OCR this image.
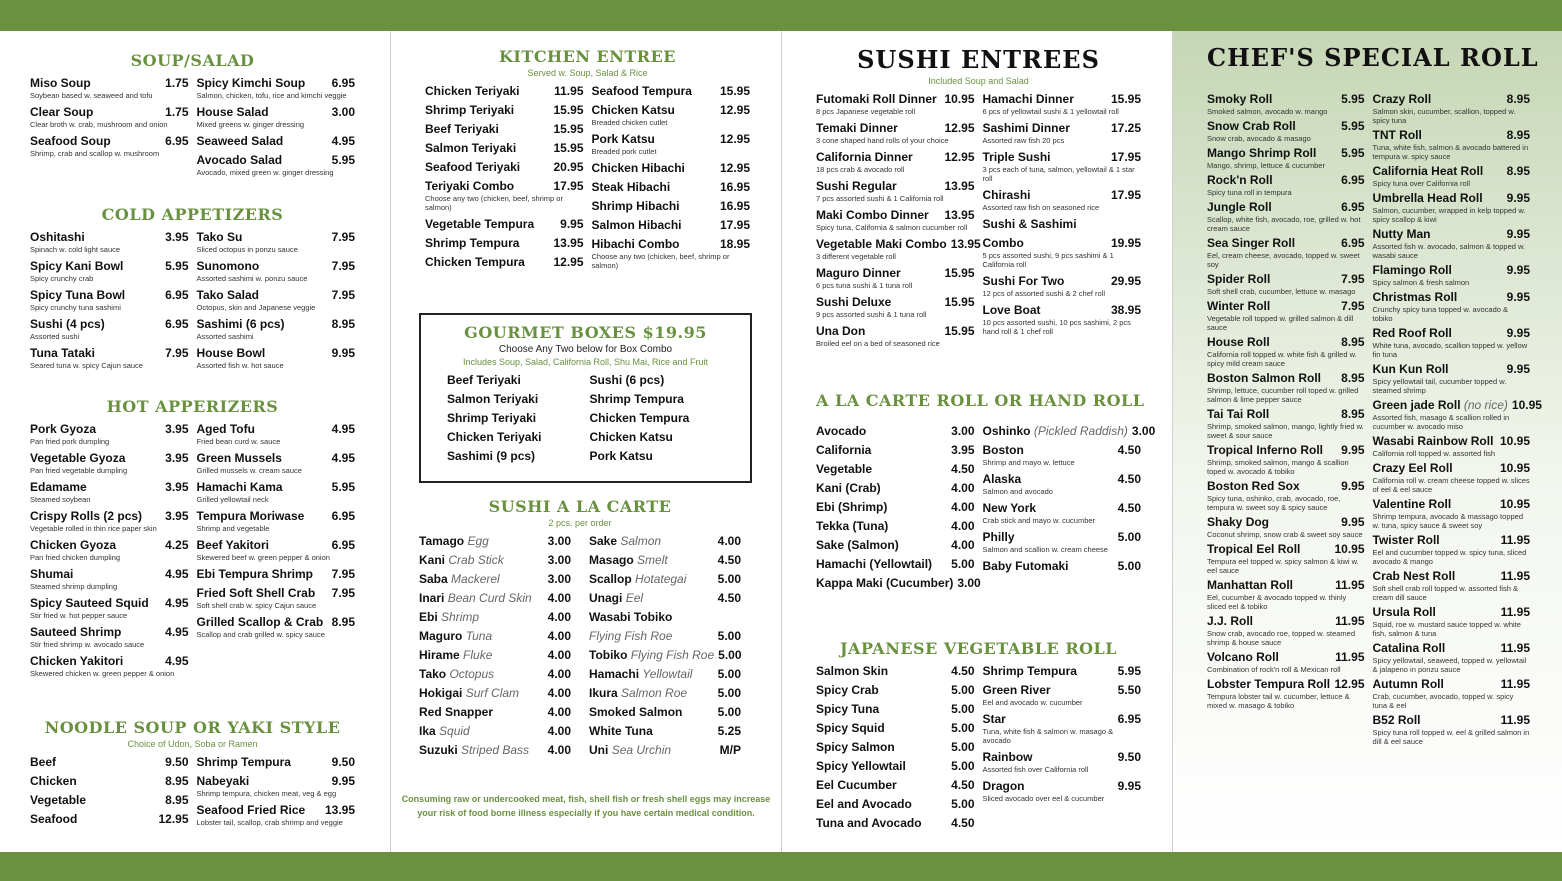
SOUP/SALAD
Miso Soup	1.75
Soybean based w. seaweed and tofu
Clear Soup	1.75
Clear broth w. crab, mushroom and onion
Seafood Soup	6.95
Shrimp, crab and scallop w. mushroom
Spicy Kimchi Soup	6.95
Salmon, chicken, tofu, rice and kimchi veggie
House Salad	3.00
Mixed greens w. ginger dressing
Seaweed Salad	4.95
Avocado Salad	5.95
Avocado, mixed green w. ginger dressing
COLD APPETIZERS
Oshitashi	3.95
Spinach w. cold light sauce
Spicy Kani Bowl	5.95
Spicy crunchy crab
Spicy Tuna Bowl	6.95
Spicy crunchy tuna sashimi
Sushi (4 pcs)	6.95
Assorted sushi
Tuna Tataki	7.95
Seared tuna w. spicy Cajun sauce
Tako Su	7.95
Sliced octopus in ponzu sauce
Sunomono	7.95
Assorted sashimi w. ponzu sauce
Tako Salad	7.95
Octopus, skin and Japanese veggie
Sashimi (6 pcs)	8.95
Assorted sashimi
House Bowl	9.95
Assorted fish w. hot sauce
HOT APPERIZERS
Pork Gyoza	3.95
Pan fried pork dumpling
Vegetable Gyoza	3.95
Pan fried vegetable dumpling
Edamame	3.95
Steamed soybean
Crispy Rolls (2 pcs)	3.95
Vegetable rolled in thin rice paper skin
Chicken Gyoza	4.25
Pan fried chicken dumpling
Shumai	4.95
Steamed shrimp dumpling
Spicy Sauteed Squid	4.95
Stir fried w. hot pepper sauce
Sauteed Shrimp	4.95
Stir fried shrimp w. avocado sauce
Chicken Yakitori	4.95
Skewered chicken w. green pepper & onion
Aged Tofu	4.95
Fried bean curd w. sauce
Green Mussels	4.95
Grilled mussels w. cream sauce
Hamachi Kama	5.95
Grilled yellowtail neck
Tempura Moriwase	6.95
Shrimp and vegetable
Beef Yakitori	6.95
Skewered beef w. green pepper & onion
Ebi Tempura Shrimp	7.95
Fried Soft Shell Crab	7.95
Soft shell crab w. spicy Cajun sauce
Grilled Scallop & Crab 8.95
Scallop and crab grilled w. spicy sauce
NOODLE SOUP OR YAKI STYLE
Choice of Udon, Soba or Ramen
Beef	9.50
Chicken	8.95
Vegetable	8.95
Seafood	12.95
Shrimp Tempura	9.50
Nabeyaki	9.95
Shrimp tempura, chicken meat, veg & egg
Seafood Fried Rice	13.95
Lobster tail, scallop, crab shrimp and veggie
KITCHEN ENTREE
Served w. Soup, Salad & Rice
Chicken Teriyaki	11.95
Shrimp Teriyaki	15.95
Beef Teriyaki	15.95
Salmon Teriyaki	15.95
Seafood Teriyaki	20.95
Teriyaki Combo	17.95
Choose any two (chicken, beef, shrimp or salmon)
Vegetable Tempura	9.95
Shrimp Tempura	13.95
Chicken Tempura	12.95
Seafood Tempura	15.95
Chicken Katsu	12.95
Breaded chicken cutlet
Pork Katsu	12.95
Breaded pork cutlet
Chicken Hibachi	12.95
Steak Hibachi	16.95
Shrimp Hibachi	16.95
Salmon Hibachi	17.95
Hibachi Combo	18.95
Choose any two (chicken, beef, shrimp or salmon)
GOURMET BOXES $19.95
Choose Any Two below for Box Combo
Includes Soup, Salad, California Roll, Shu Mai, Rice and Fruit
Beef Teriyaki
Salmon Teriyaki
Shrimp Teriyaki
Chicken Teriyaki
Sashimi (9 pcs)
Sushi (6 pcs)
Shrimp Tempura
Chicken Tempura
Chicken Katsu
Pork Katsu
SUSHI A LA CARTE
2 pcs. per order
Tamago Egg	3.00
Kani Crab Stick	3.00
Saba Mackerel	3.00
Inari Bean Curd Skin	4.00
Ebi Shrimp	4.00
Maguro Tuna	4.00
Hirame Fluke	4.00
Tako Octopus	4.00
Hokigai Surf Clam	4.00
Red Snapper	4.00
Ika Squid	4.00
Suzuki Striped Bass	4.00
Sake Salmon	4.00
Masago Smelt	4.50
Scallop Hotategai	5.00
Unagi Eel	4.50
Wasabi Tobiko
Flying Fish Roe	5.00
Tobiko Flying Fish Roe 5.00
Hamachi Yellowtail	5.00
Ikura Salmon Roe	5.00
Smoked Salmon	5.00
White Tuna	5.25
Uni Sea Urchin	M/P
Consuming raw or undercooked meat, fish, shell fish or fresh shell eggs may increase
your risk of food borne illness especially if you have certain medical condition.
SUSHI ENTREES
Included Soup and Salad
Futomaki Roll Dinner 10.95
8 pcs Japanese vegetable roll
Temaki Dinner	12.95
3 cone shaped hand rolls of your choice
California Dinner	12.95
18 pcs crab & avocado roll
Sushi Regular	13.95
7 pcs assorted sushi & 1 California roll
Maki Combo Dinner	13.95
Spicy tuna, California & salmon cucumber roll
Vegetable Maki Combo 13.95
3 different vegetable roll
Maguro Dinner	15.95
6 pcs tuna sushi & 1 tuna roll
Sushi Deluxe	15.95
9 pcs assorted sushi & 1 tuna roll
Una Don	15.95
Broiled eel on a bed of seasoned rice
Hamachi Dinner	15.95
6 pcs of yellowtail sushi & 1 yellowtail roll
Sashimi Dinner	17.25
Assorted raw fish 20 pcs
Triple Sushi	17.95
3 pcs each of tuna, salmon, yellowtail & 1 star roll
Chirashi	17.95
Assorted raw fish on seasoned rice
Sushi & Sashimi
Combo	19.95
5 pcs assorted sushi, 9 pcs sashimi & 1 California roll
Sushi For Two	29.95
12 pcs of assorted sushi & 2 chef roll
Love Boat	38.95
10 pcs assorted sushi, 10 pcs sashimi, 2 pcs hand roll & 1 chef roll
A LA CARTE ROLL OR HAND ROLL
Avocado	3.00
California	3.95
Vegetable	4.50
Kani (Crab)	4.00
Ebi (Shrimp)	4.00
Tekka (Tuna)	4.00
Sake (Salmon)	4.00
Hamachi (Yellowtail)	5.00
Kappa Maki (Cucumber) 3.00
Oshinko (Pickled Raddish) 3.00
Boston	4.50
Shrimp and mayo w. lettuce
Alaska	4.50
Salmon and avocado
New York	4.50
Crab stick and mayo w. cucumber
Philly	5.00
Salmon and scallion w. cream cheese
Baby Futomaki	5.00
JAPANESE VEGETABLE ROLL
Salmon Skin	4.50
Spicy Crab	5.00
Spicy Tuna	5.00
Spicy Squid	5.00
Spicy Salmon	5.00
Spicy Yellowtail	5.00
Eel Cucumber	4.50
Eel and Avocado	5.00
Tuna and Avocado	4.50
Shrimp Tempura	5.95
Green River	5.50
Eel and avocado w. cucumber
Star	6.95
Tuna, white fish & salmon w. masago & avocado
Rainbow	9.50
Assorted fish over California roll
Dragon	9.95
Sliced avocado over eel & cucumber
CHEF'S SPECIAL ROLL
Smoky Roll	5.95
Smoked salmon, avocado w. mango
Snow Crab Roll	5.95
Snow crab, avocado & masago
Mango Shrimp Roll	5.95
Mango, shrimp, lettuce & cucumber
Rock'n Roll	6.95
Spicy tuna roll in tempura
Jungle Roll	6.95
Scallop, white fish, avocado, roe, grilled w. hot cream sauce
Sea Singer Roll	6.95
Eel, cream cheese, avocado, topped w. sweet soy
Spider Roll	7.95
Soft shell crab, cucumber, lettuce w. masago
Winter Roll	7.95
Vegetable roll topped w. grilled salmon & dill sauce
House Roll	8.95
California roll topped w. white fish & grilled w. spicy mild cream sauce
Boston Salmon Roll	8.95
Shrimp, lettuce, cucumber roll toped w. grilled salmon & lime pepper sauce
Tai Tai Roll	8.95
Shrimp, smoked salmon, mango, lightly fried w. sweet & sour sauce
Tropical Inferno Roll	9.95
Shrimp, smoked salmon, mango & scallion toped w. avocado & tobiko
Boston Red Sox	9.95
Spicy tuna, oshinko, crab, avocado, roe, tempura w. sweet soy & spicy sauce
Shaky Dog	9.95
Coconut shrimp, snow crab & sweet soy sauce
Tropical Eel Roll	10.95
Tempura eel topped w. spicy salmon & kiwi w. eel sauce
Manhattan Roll	11.95
Eel, cucumber & avocado topped w. thinly sliced eel & tobiko
J.J. Roll	11.95
Snow crab, avocado roe, topped w. steamed shrimp & house sauce
Volcano Roll	11.95
Combination of rock'n roll & Mexican roll
Lobster Tempura Roll 12.95
Tempura lobster tail w. cucumber, lettuce & mixed w. masago & tobiko
Crazy Roll	8.95
Salmon skin, cucumber, scallion, topped w. spicy tuna
TNT Roll	8.95
Tuna, white fish, salmon & avocado battered in tempura w. spicy sauce
California Heat Roll	8.95
Spicy tuna over California roll
Umbrella Head Roll	9.95
Salmon, cucumber, wrapped in kelp topped w. spicy scallop & kiwi
Nutty Man	9.95
Assorted fish w. avocado, salmon & topped w. wasabi sauce
Flamingo Roll	9.95
Spicy salmon & fresh salmon
Christmas Roll	9.95
Crunchy spicy tuna topped w. avocado & tobiko
Red Roof Roll	9.95
White tuna, avocado, scallion topped w. yellow fin tuna
Kun Kun Roll	9.95
Spicy yellowtail tail, cucumber topped w. steamed shrimp
Green jade Roll (no rice) 10.95
Assorted fish, masago & scallion rolled in cucumber w. avocado miso
Wasabi Rainbow Roll 10.95
California roll topped w. assorted fish
Crazy Eel Roll	10.95
California roll w. cream cheese topped w. slices of eel & eel sauce
Valentine Roll	10.95
Shrimp tempura, avocado & massago topped w. tuna, spicy sauce & sweet soy
Twister Roll	11.95
Eel and cucumber topped w. spicy tuna, sliced avocado & mango
Crab Nest Roll	11.95
Soft shell crab roll topped w. assorted fish & cream dill sauce
Ursula Roll	11.95
Squid, roe w. mustard sauce topped w. white fish, salmon & tuna
Catalina Roll	11.95
Spicy yellowtail, seaweed, topped w. yellowtail & jalapeno in ponzu sauce
Autumn Roll	11.95
Crab, cucumber, avocado, topped w. spicy tuna & eel
B52 Roll	11.95
Spicy tuna roll topped w. eel & grilled salmon in dill & eel sauce
